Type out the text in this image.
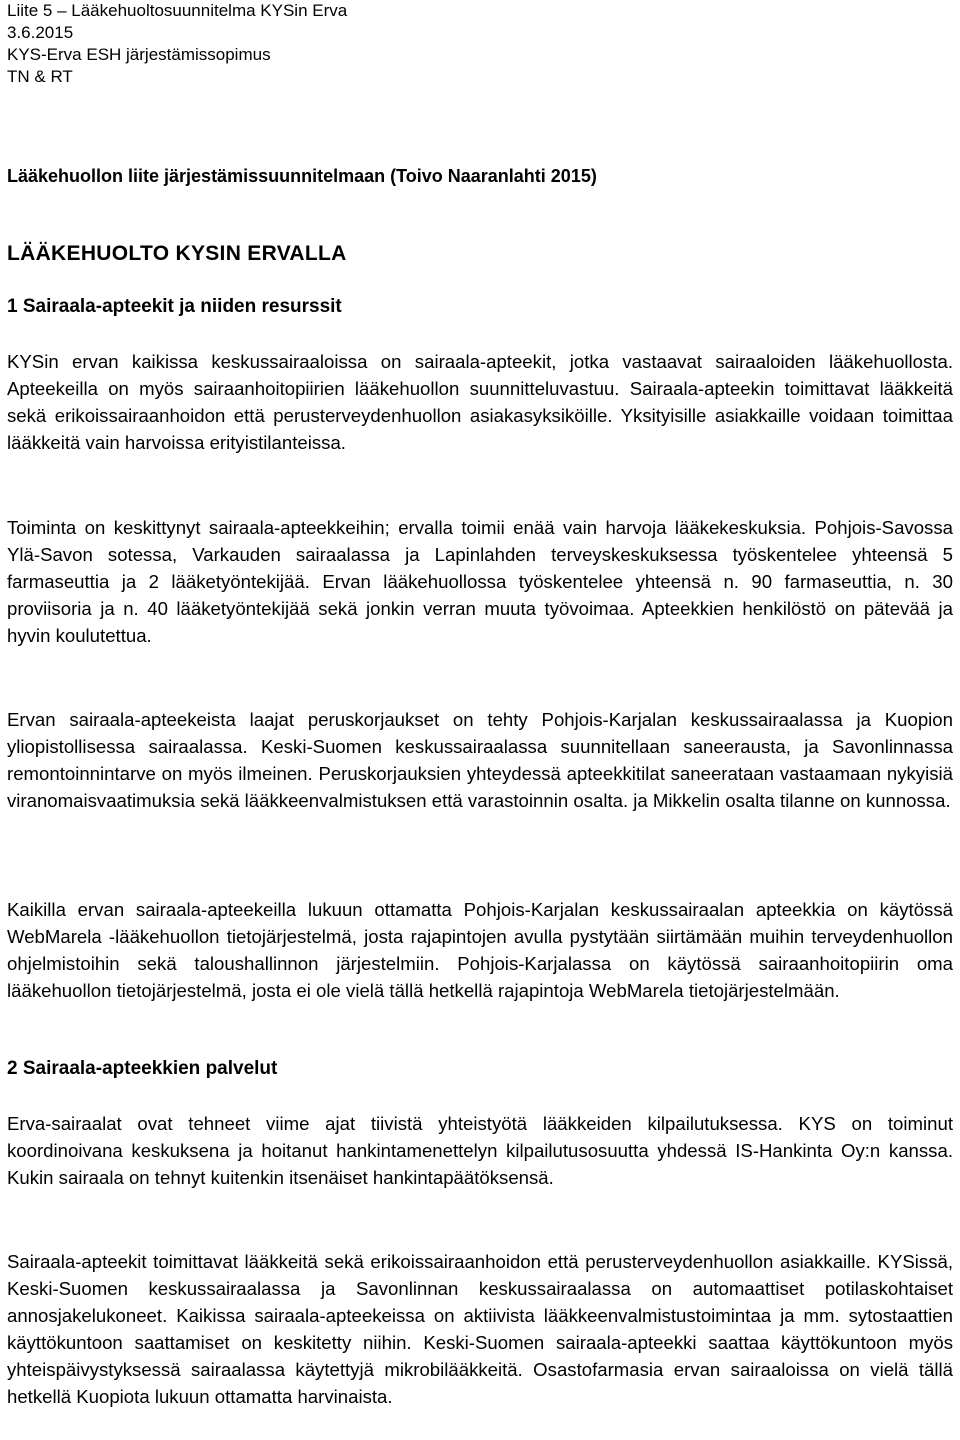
Liite 5 – Lääkehuoltosuunnitelma KYSin Erva

3.6.2015

KYS-Erva ESH järjestämissopimus

TN & RT

Lääkehuollon liite järjestämissuunnitelmaan (Toivo Naaranlahti 2015)

LÄÄKEHUOLTO KYSIN ERVALLA

1 Sairaala-apteekit ja niiden resurssit

KYSin ervan kaikissa keskussairaaloissa on sairaala-apteekit, jotka vastaavat sairaaloiden lääkehuollosta. Apteekeilla on myös sairaanhoitopiirien lääkehuollon suunnitteluvastuu. Sairaala-apteekin toimittavat lääkkeitä sekä erikoissairaanhoidon että perusterveydenhuollon asiakasyksiköille. Yksityisille asiakkaille voidaan toimittaa lääkkeitä vain harvoissa erityistilanteissa.

Toiminta on keskittynyt sairaala-apteekkeihin; ervalla toimii enää vain harvoja lääkekeskuksia. Pohjois-Savossa Ylä-Savon sotessa, Varkauden sairaalassa ja Lapinlahden terveyskeskuksessa työskentelee yhteensä 5 farmaseuttia ja 2 lääketyöntekijää. Ervan lääkehuollossa työskentelee yhteensä n. 90 farmaseuttia, n. 30 proviisoria ja n. 40 lääketyöntekijää sekä jonkin verran muuta työvoimaa. Apteekkien henkilöstö on pätevää ja hyvin koulutettua.

Ervan sairaala-apteekeista laajat peruskorjaukset on tehty Pohjois-Karjalan keskussairaalassa ja Kuopion yliopistollisessa sairaalassa. Keski-Suomen keskussairaalassa suunnitellaan saneerausta, ja Savonlinnassa remontoinnintarve on myös ilmeinen. Peruskorjauksien yhteydessä apteekkitilat saneerataan vastaamaan nykyisiä viranomaisvaatimuksia sekä lääkkeenvalmistuksen että varastoinnin osalta. ja Mikkelin osalta tilanne on kunnossa.

Kaikilla ervan sairaala-apteekeilla lukuun ottamatta Pohjois-Karjalan keskussairaalan apteekkia on käytössä WebMarela -lääkehuollon tietojärjestelmä, josta rajapintojen avulla pystytään siirtämään muihin terveydenhuollon ohjelmistoihin sekä taloushallinnon järjestelmiin. Pohjois-Karjalassa on käytössä sairaanhoitopiirin oma lääkehuollon tietojärjestelmä, josta ei ole vielä tällä hetkellä rajapintoja WebMarela tietojärjestelmään.

2 Sairaala-apteekkien palvelut

Erva-sairaalat ovat tehneet viime ajat tiivistä yhteistyötä lääkkeiden kilpailutuksessa. KYS on toiminut koordinoivana keskuksena ja hoitanut hankintamenettelyn kilpailutusosuutta yhdessä IS-Hankinta Oy:n kanssa. Kukin sairaala on tehnyt kuitenkin itsenäiset hankintapäätöksensä.

Sairaala-apteekit toimittavat lääkkeitä sekä erikoissairaanhoidon että perusterveydenhuollon asiakkaille. KYSissä, Keski-Suomen keskussairaalassa ja Savonlinnan keskussairaalassa on automaattiset potilaskohtaiset annosjakelukoneet. Kaikissa sairaala-apteekeissa on aktiivista lääkkeenvalmistustoimintaa ja mm. sytostaattien käyttökuntoon saattamiset on keskitetty niihin. Keski-Suomen sairaala-apteekki saattaa käyttökuntoon myös yhteispäivystyksessä sairaalassa käytettyjä mikrobilääkkeitä. Osastofarmasia ervan sairaaloissa on vielä tällä hetkellä Kuopiota lukuun ottamatta harvinaista.
